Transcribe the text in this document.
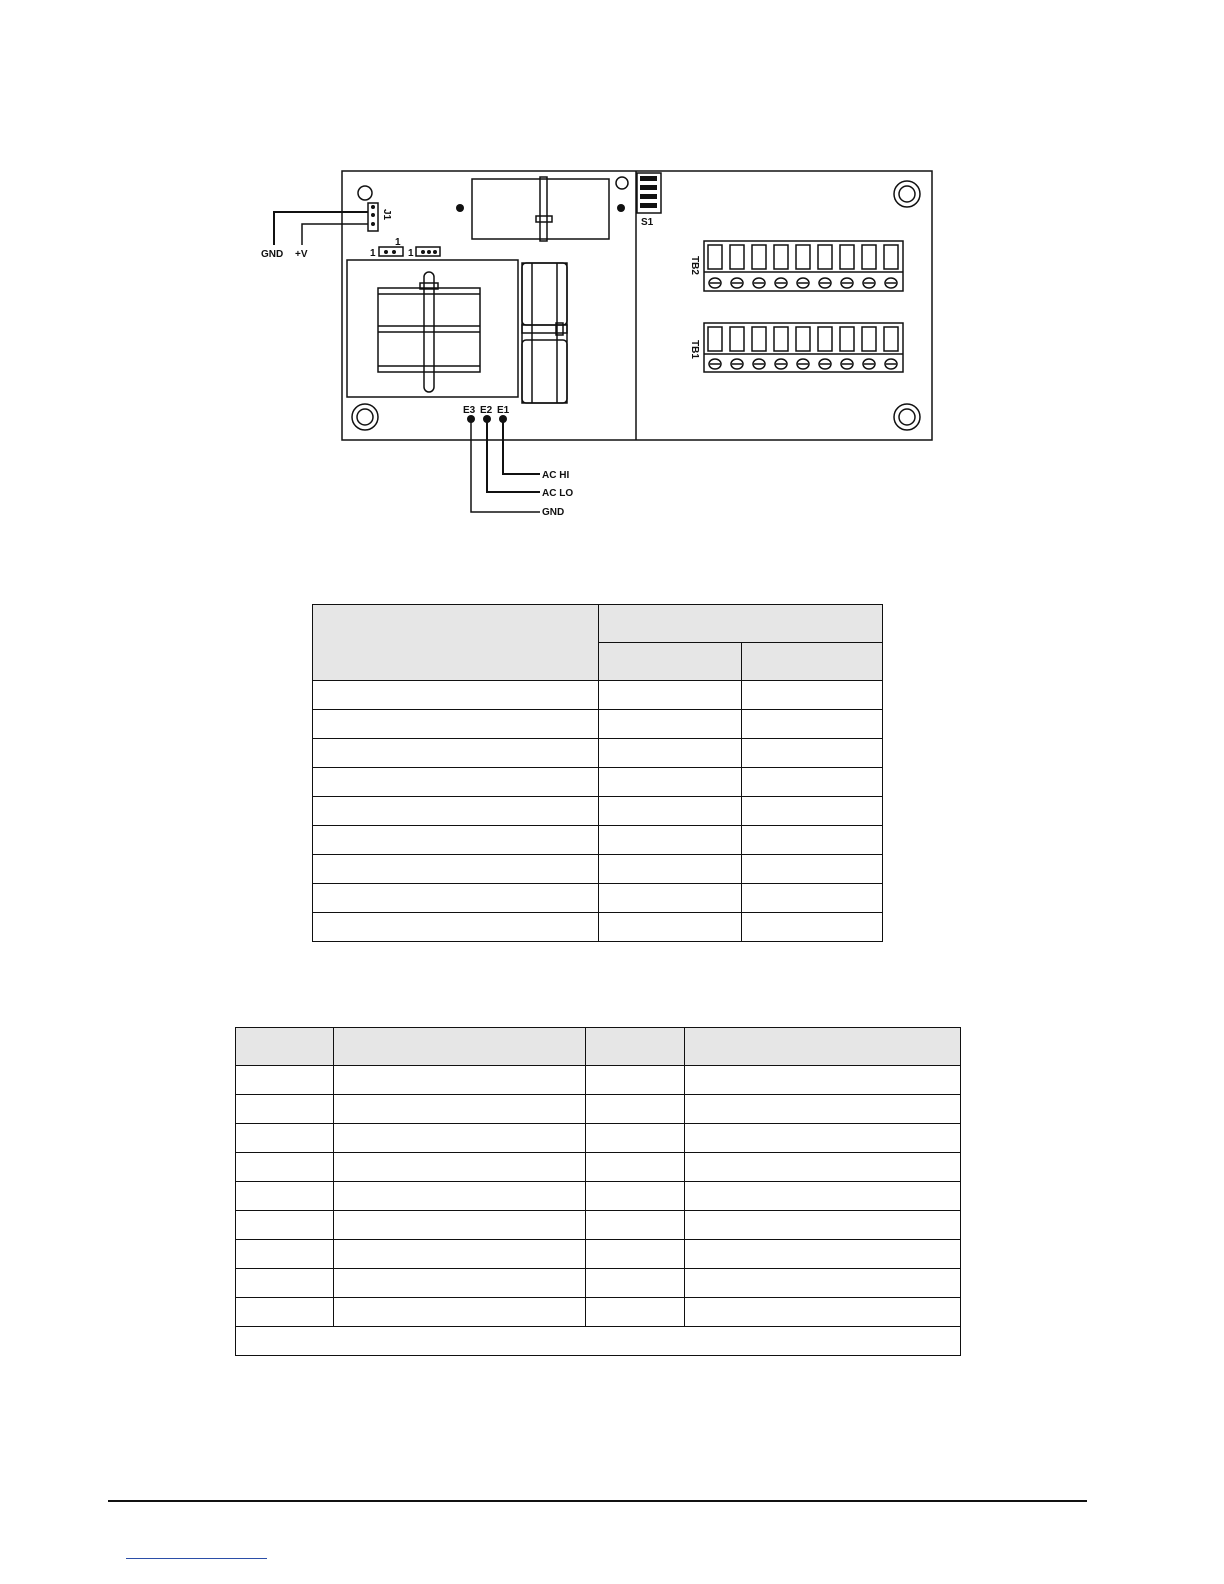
J1
GND +V
1
1	1
S1
TB2
TB1
E3 E2 E1
AC HI
AC LO
GND
